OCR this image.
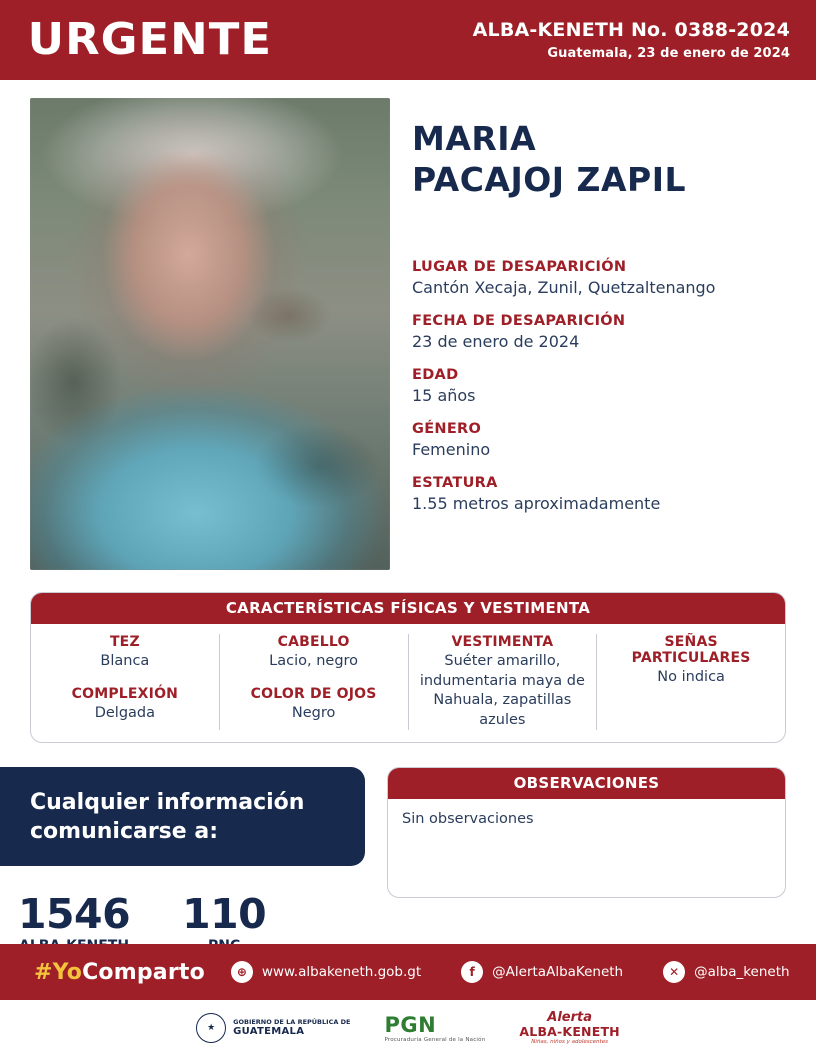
URGENTE	ALBA-KENETH No. 0388-2024
Guatemala, 23 de enero de 2024
MARIA
PACAJOJ ZAPIL
LUGAR DE DESAPARICIÓN
Cantón Xecaja, Zunil, Quetzaltenango
FECHA DE DESAPARICIÓN
23 de enero de 2024
EDAD
15 años
GÉNERO
Femenino
ESTATURA
1.55 metros aproximadamente
CARACTERÍSTICAS FÍSICAS Y VESTIMENTA
TEZ
Blanca
COMPLEXIÓN
Delgada
CABELLO
Lacio, negro
COLOR DE OJOS
Negro
VESTIMENTA
Suéter amarillo, indumentaria maya de Nahuala, zapatillas azules
SEÑAS PARTICULARES
No indica
Cualquier información comunicarse a:
1546 110
OBSERVACIONES
Sin observaciones
#YoComparto	⊕	www.albakeneth.gob.gt	f	@AlertaAlbaKeneth	✕	@alba_keneth
★
GOBIERNO DE LA REPÚBLICA DE
GUATEMALA	PGN
Procuraduría General de la Nación
Alerta
ALBA-KENETH
Niñas, niños y adolescentes
